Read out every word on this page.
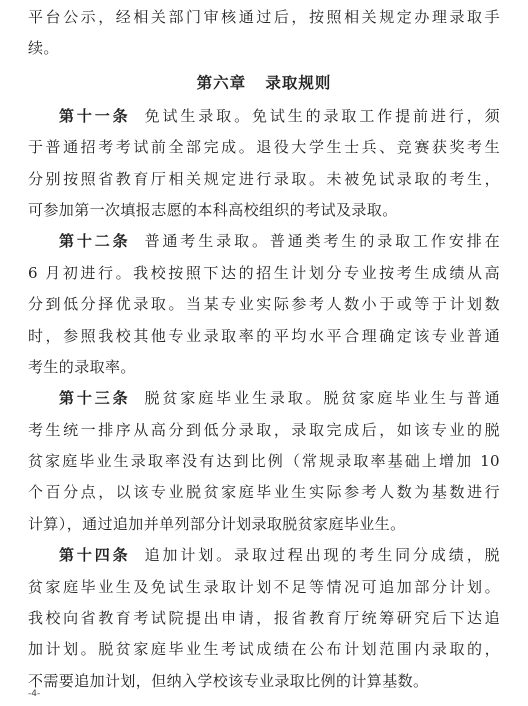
平台公示，经相关部门审核通过后，按照相关规定办理录取手
续。
第六章 录取规则
第十一条 免试生录取。免试生的录取工作提前进行，须
于普通招考考试前全部完成。退役大学生士兵、竞赛获奖考生
分别按照省教育厅相关规定进行录取。未被免试录取的考生，
可参加第一次填报志愿的本科高校组织的考试及录取。
第十二条 普通考生录取。普通类考生的录取工作安排在
6 月初进行。我校按照下达的招生计划分专业按考生成绩从高
分到低分择优录取。当某专业实际参考人数小于或等于计划数
时，参照我校其他专业录取率的平均水平合理确定该专业普通
考生的录取率。
第十三条 脱贫家庭毕业生录取。脱贫家庭毕业生与普通
考生统一排序从高分到低分录取，录取完成后，如该专业的脱
贫家庭毕业生录取率没有达到比例（常规录取率基础上增加 10
个百分点，以该专业脱贫家庭毕业生实际参考人数为基数进行
计算），通过追加并单列部分计划录取脱贫家庭毕业生。
第十四条 追加计划。录取过程出现的考生同分成绩，脱
贫家庭毕业生及免试生录取计划不足等情况可追加部分计划。
我校向省教育考试院提出申请，报省教育厅统筹研究后下达追
加计划。脱贫家庭毕业生考试成绩在公布计划范围内录取的，
不需要追加计划，但纳入学校该专业录取比例的计算基数。
-4-
